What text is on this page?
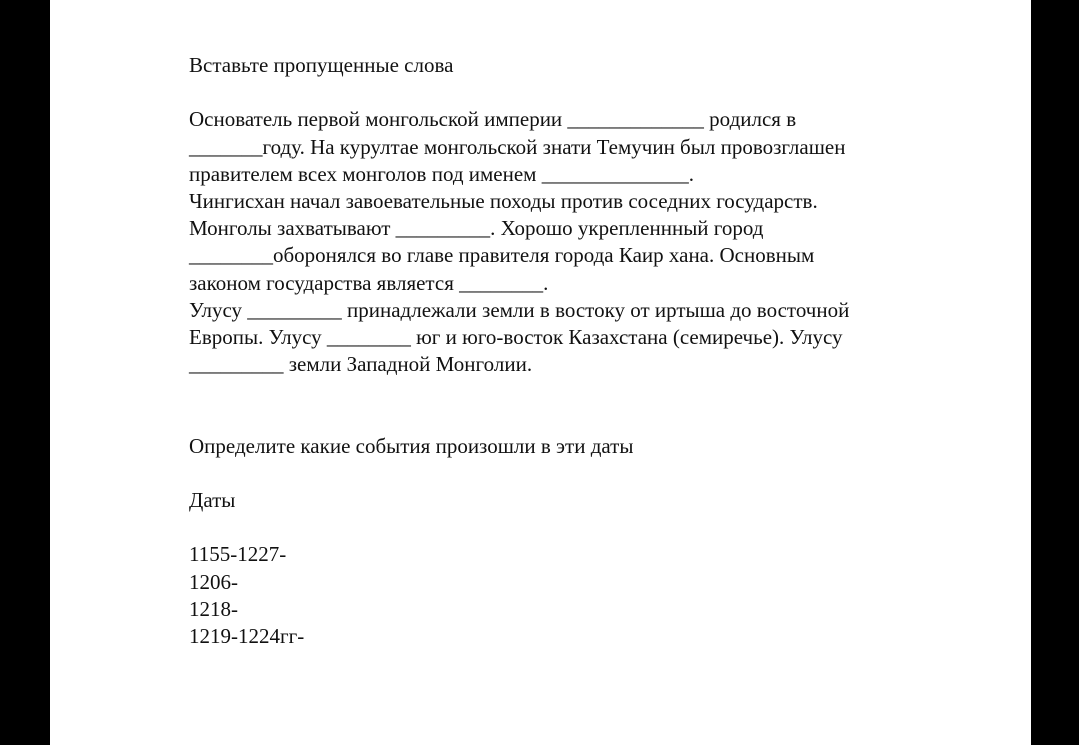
Вставьте пропущенные слова
Основатель первой монгольской империи _____________ родился в
_______году. На курултае монгольской знати Темучин был провозглашен
правителем всех монголов под именем ______________.
Чингисхан начал завоевательные походы против соседних государств.
Монголы захватывают _________. Хорошо укрепленнный город
________оборонялся во главе правителя города Каир хана. Основным
законом государства является ________.
Улусу _________ принадлежали земли в востоку от иртыша до восточной
Европы. Улусу ________ юг и юго-восток Казахстана (семиречье). Улусу
_________ земли Западной Монголии.
Определите какие события произошли в эти даты
Даты
1155-1227-
1206-
1218-
1219-1224гг-
